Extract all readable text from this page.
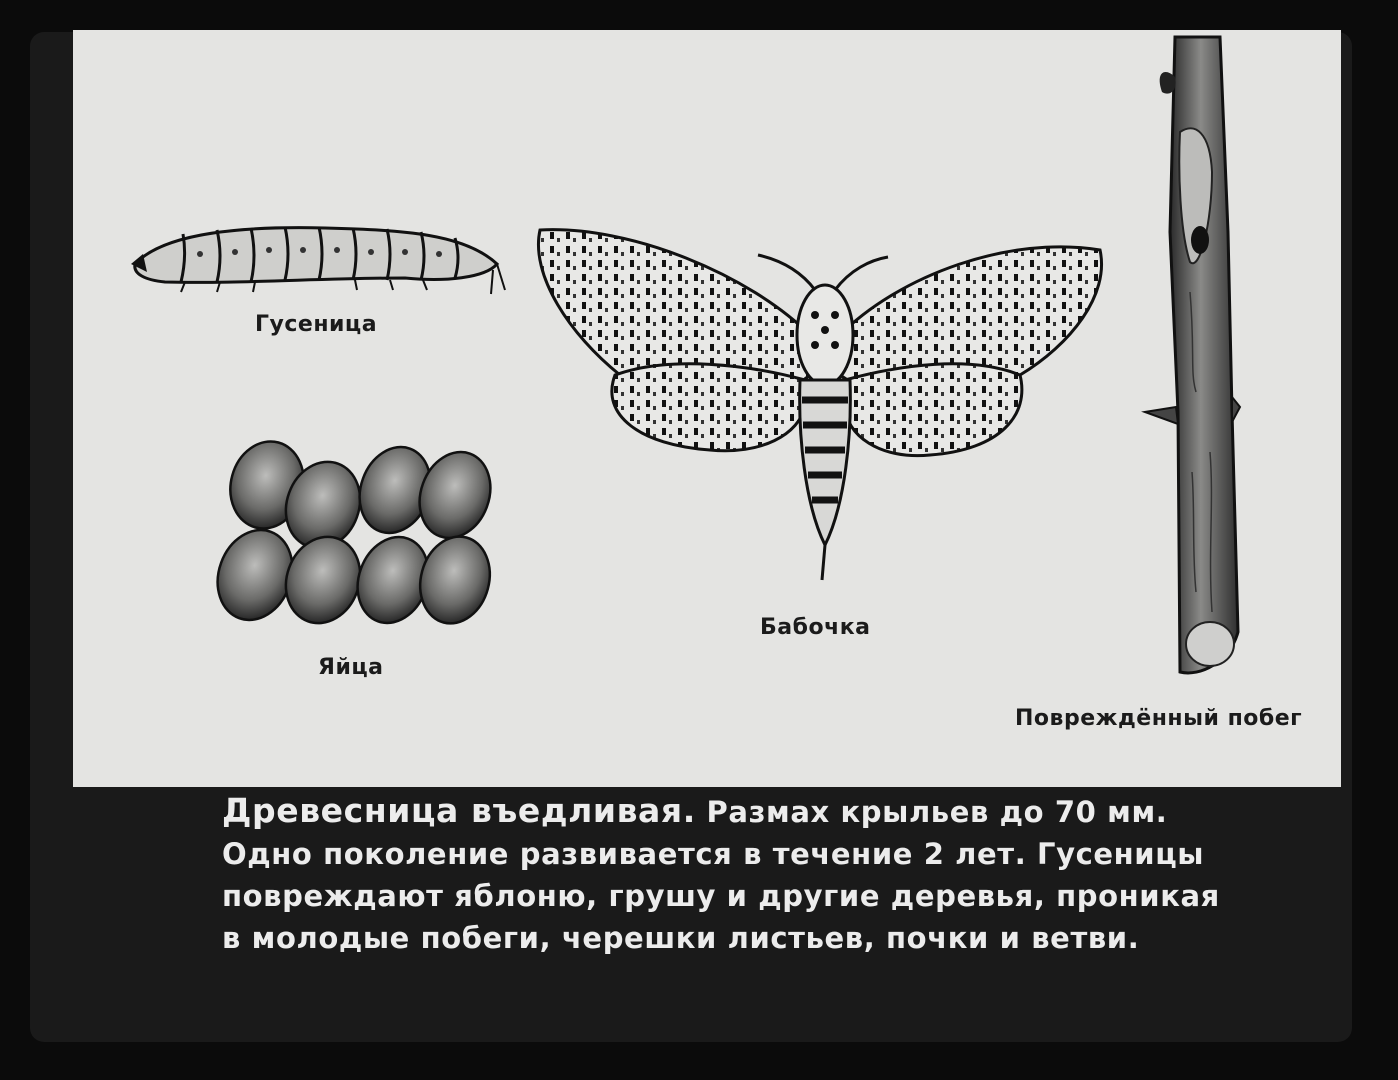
Гусеница
Яйца
Бабочка
Повреждённый побег
Древесница въедливая. Размах крыльев до 70 мм.
Одно поколение развивается в течение 2 лет. Гусеницы
повреждают яблоню, грушу и другие деревья, проникая
в молодые побеги, черешки листьев, почки и ветви.
